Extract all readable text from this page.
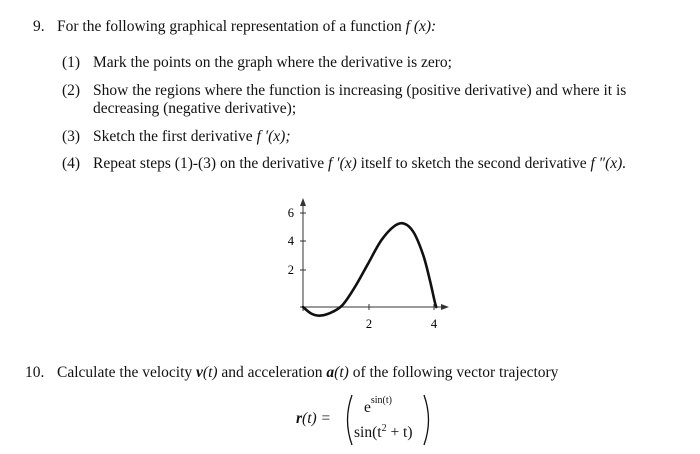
9. For the following graphical representation of a function f (x):
(1) Mark the points on the graph where the derivative is zero;
(2) Show the regions where the function is increasing (positive derivative) and where it is
decreasing (negative derivative);
(3) Sketch the first derivative f ′(x);
(4) Repeat steps (1)-(3) on the derivative f ′(x) itself to sketch the second derivative f ″(x).
6
4
2
2	4
10. Calculate the velocity v(t) and acceleration a(t) of the following vector trajectory
r(t) =
$e^{sin(t)}$
$\sin(t^2 + t)$
